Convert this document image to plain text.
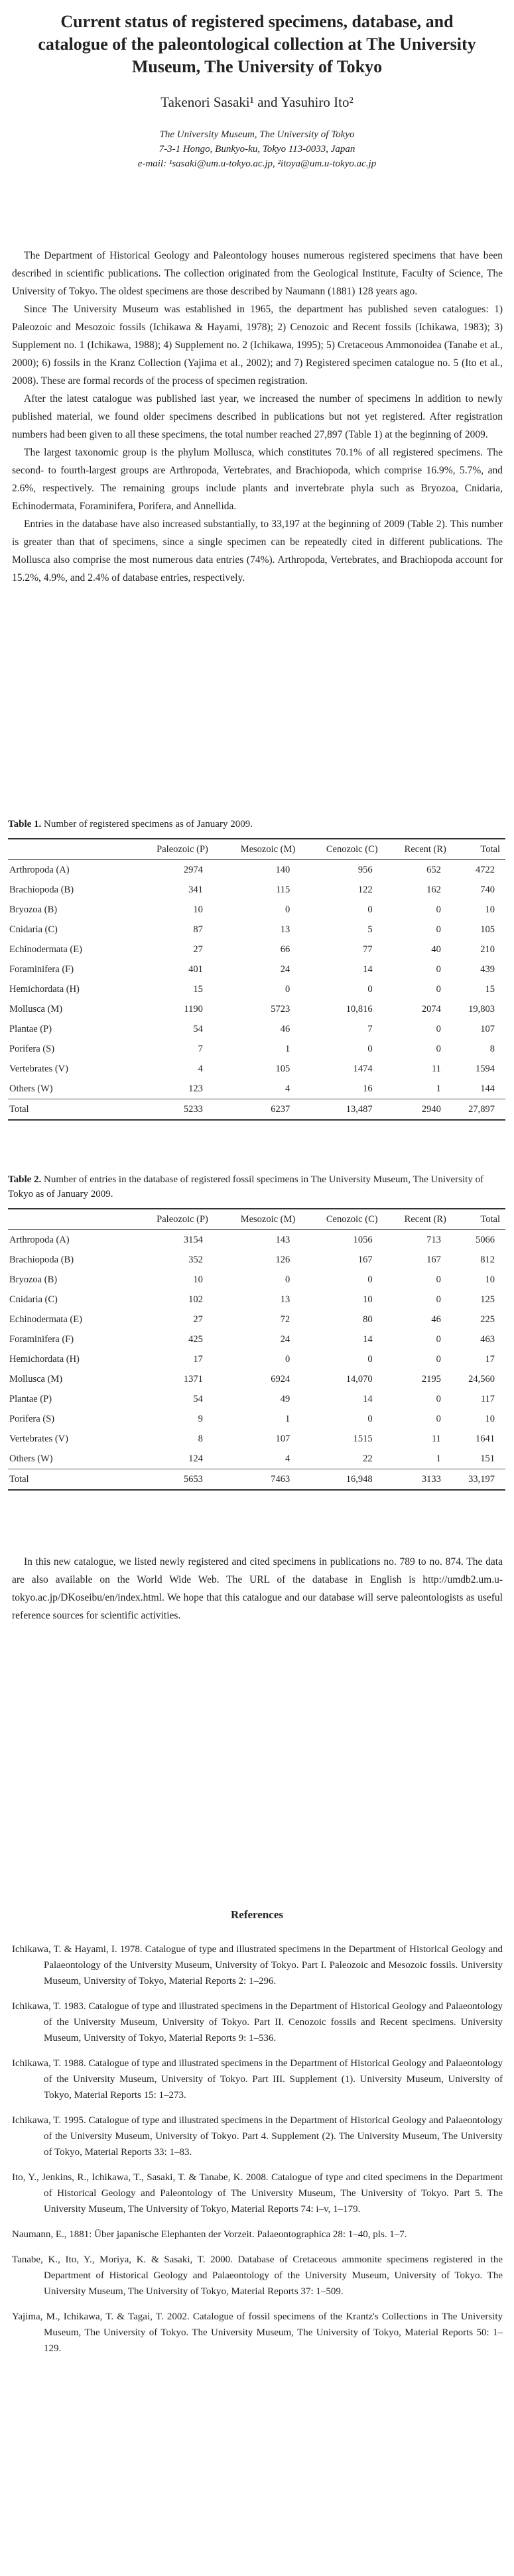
Current status of registered specimens, database, and catalogue of the paleontological collection at The University Museum, The University of Tokyo
Takenori Sasaki¹ and Yasuhiro Ito²
The University Museum, The University of Tokyo
7-3-1 Hongo, Bunkyo-ku, Tokyo 113-0033, Japan
e-mail: ¹sasaki@um.u-tokyo.ac.jp, ²itoya@um.u-tokyo.ac.jp

The Department of Historical Geology and Paleontology houses numerous registered specimens that have been described in scientific publications. The collection originated from the Geological Institute, Faculty of Science, The University of Tokyo. The oldest specimens are those described by Naumann (1881) 128 years ago.

Since The University Museum was established in 1965, the department has published seven catalogues: 1) Paleozoic and Mesozoic fossils (Ichikawa & Hayami, 1978); 2) Cenozoic and Recent fossils (Ichikawa, 1983); 3) Supplement no. 1 (Ichikawa, 1988); 4) Supplement no. 2 (Ichikawa, 1995); 5) Cretaceous Ammonoidea (Tanabe et al., 2000); 6) fossils in the Kranz Collection (Yajima et al., 2002); and 7) Registered specimen catalogue no. 5 (Ito et al., 2008). These are formal records of the process of specimen registration.

After the latest catalogue was published last year, we increased the number of specimens In addition to newly published material, we found older specimens described in publications but not yet registered. After registration numbers had been given to all these specimens, the total number reached 27,897 (Table 1) at the beginning of 2009.

The largest taxonomic group is the phylum Mollusca, which constitutes 70.1% of all registered specimens. The second- to fourth-largest groups are Arthropoda, Vertebrates, and Brachiopoda, which comprise 16.9%, 5.7%, and 2.6%, respectively. The remaining groups include plants and invertebrate phyla such as Bryozoa, Cnidaria, Echinodermata, Foraminifera, Porifera, and Annellida.

Entries in the database have also increased substantially, to 33,197 at the beginning of 2009 (Table 2). This number is greater than that of specimens, since a single specimen can be repeatedly cited in different publications. The Mollusca also comprise the most numerous data entries (74%). Arthropoda, Vertebrates, and Brachiopoda account for 15.2%, 4.9%, and 2.4% of database entries, respectively.

Table 1. Number of registered specimens as of January 2009.
	Paleozoic (P)	Mesozoic (M)	Cenozoic (C)	Recent (R)	Total
Arthropoda (A)	2974	140	956	652	4722
Brachiopoda (B)	341	115	122	162	740
Bryozoa (B)	10	0	0	0	10
Cnidaria (C)	87	13	5	0	105
Echinodermata (E)	27	66	77	40	210
Foraminifera (F)	401	24	14	0	439
Hemichordata (H)	15	0	0	0	15
Mollusca (M)	1190	5723	10,816	2074	19,803
Plantae (P)	54	46	7	0	107
Porifera (S)	7	1	0	0	8
Vertebrates (V)	4	105	1474	11	1594
Others (W)	123	4	16	1	144
Total	5233	6237	13,487	2940	27,897
Table 2. Number of entries in the database of registered fossil specimens in The University Museum, The University of Tokyo as of January 2009.
	Paleozoic (P)	Mesozoic (M)	Cenozoic (C)	Recent (R)	Total
Arthropoda (A)	3154	143	1056	713	5066
Brachiopoda (B)	352	126	167	167	812
Bryozoa (B)	10	0	0	0	10
Cnidaria (C)	102	13	10	0	125
Echinodermata (E)	27	72	80	46	225
Foraminifera (F)	425	24	14	0	463
Hemichordata (H)	17	0	0	0	17
Mollusca (M)	1371	6924	14,070	2195	24,560
Plantae (P)	54	49	14	0	117
Porifera (S)	9	1	0	0	10
Vertebrates (V)	8	107	1515	11	1641
Others (W)	124	4	22	1	151
Total	5653	7463	16,948	3133	33,197

In this new catalogue, we listed newly registered and cited specimens in publications no. 789 to no. 874. The data are also available on the World Wide Web. The URL of the database in English is http://umdb2.um.u-tokyo.ac.jp/DKoseibu/en/index.html. We hope that this catalogue and our database will serve paleontologists as useful reference sources for scientific activities.

References
Ichikawa, T. & Hayami, I. 1978. Catalogue of type and illustrated specimens in the Department of Historical Geology and Palaeontology of the University Museum, University of Tokyo. Part I. Paleozoic and Mesozoic fossils. University Museum, University of Tokyo, Material Reports 2: 1–296.
Ichikawa, T. 1983. Catalogue of type and illustrated specimens in the Department of Historical Geology and Palaeontology of the University Museum, University of Tokyo. Part II. Cenozoic fossils and Recent specimens. University Museum, University of Tokyo, Material Reports 9: 1–536.
Ichikawa, T. 1988. Catalogue of type and illustrated specimens in the Department of Historical Geology and Palaeontology of the University Museum, University of Tokyo. Part III. Supplement (1). University Museum, University of Tokyo, Material Reports 15: 1–273.
Ichikawa, T. 1995. Catalogue of type and illustrated specimens in the Department of Historical Geology and Palaeontology of the University Museum, University of Tokyo. Part 4. Supplement (2). The University Museum, The University of Tokyo, Material Reports 33: 1–83.
Ito, Y., Jenkins, R., Ichikawa, T., Sasaki, T. & Tanabe, K. 2008. Catalogue of type and cited specimens in the Department of Historical Geology and Paleontology of The University Museum, The University of Tokyo. Part 5. The University Museum, The University of Tokyo, Material Reports 74: i–v, 1–179.
Naumann, E., 1881: Über japanische Elephanten der Vorzeit. Palaeontographica 28: 1–40, pls. 1–7.
Tanabe, K., Ito, Y., Moriya, K. & Sasaki, T. 2000. Database of Cretaceous ammonite specimens registered in the Department of Historical Geology and Palaeontology of the University Museum, University of Tokyo. The University Museum, The University of Tokyo, Material Reports 37: 1–509.
Yajima, M., Ichikawa, T. & Tagai, T. 2002. Catalogue of fossil specimens of the Krantz's Collections in The University Museum, The University of Tokyo. The University Museum, The University of Tokyo, Material Reports 50: 1–129.
